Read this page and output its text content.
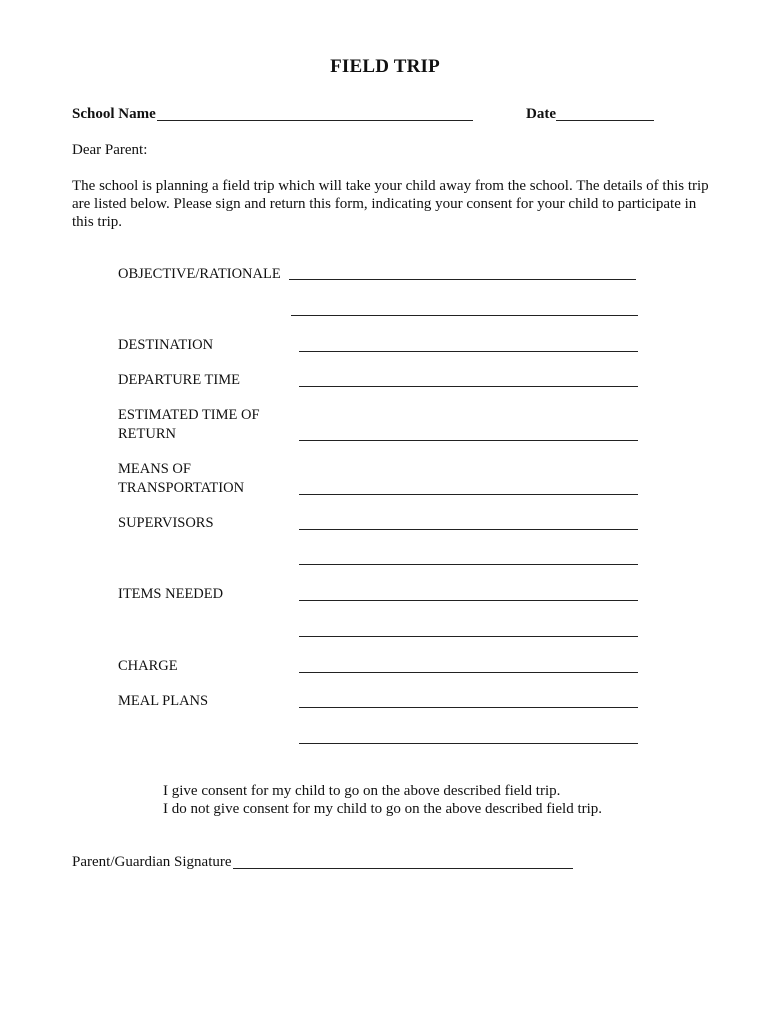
FIELD TRIP
School Name	Date
Dear Parent:
The school is planning a field trip which will take your child away from the school. The details of this trip
are listed below. Please sign and return this form, indicating your consent for your child to participate in
this trip.
OBJECTIVE/RATIONALE
DESTINATION
DEPARTURE TIME
ESTIMATED TIME OF
RETURN
MEANS OF
TRANSPORTATION
SUPERVISORS
ITEMS NEEDED
CHARGE
MEAL PLANS
I give consent for my child to go on the above described field trip.
I do not give consent for my child to go on the above described field trip.
Parent/Guardian Signature
